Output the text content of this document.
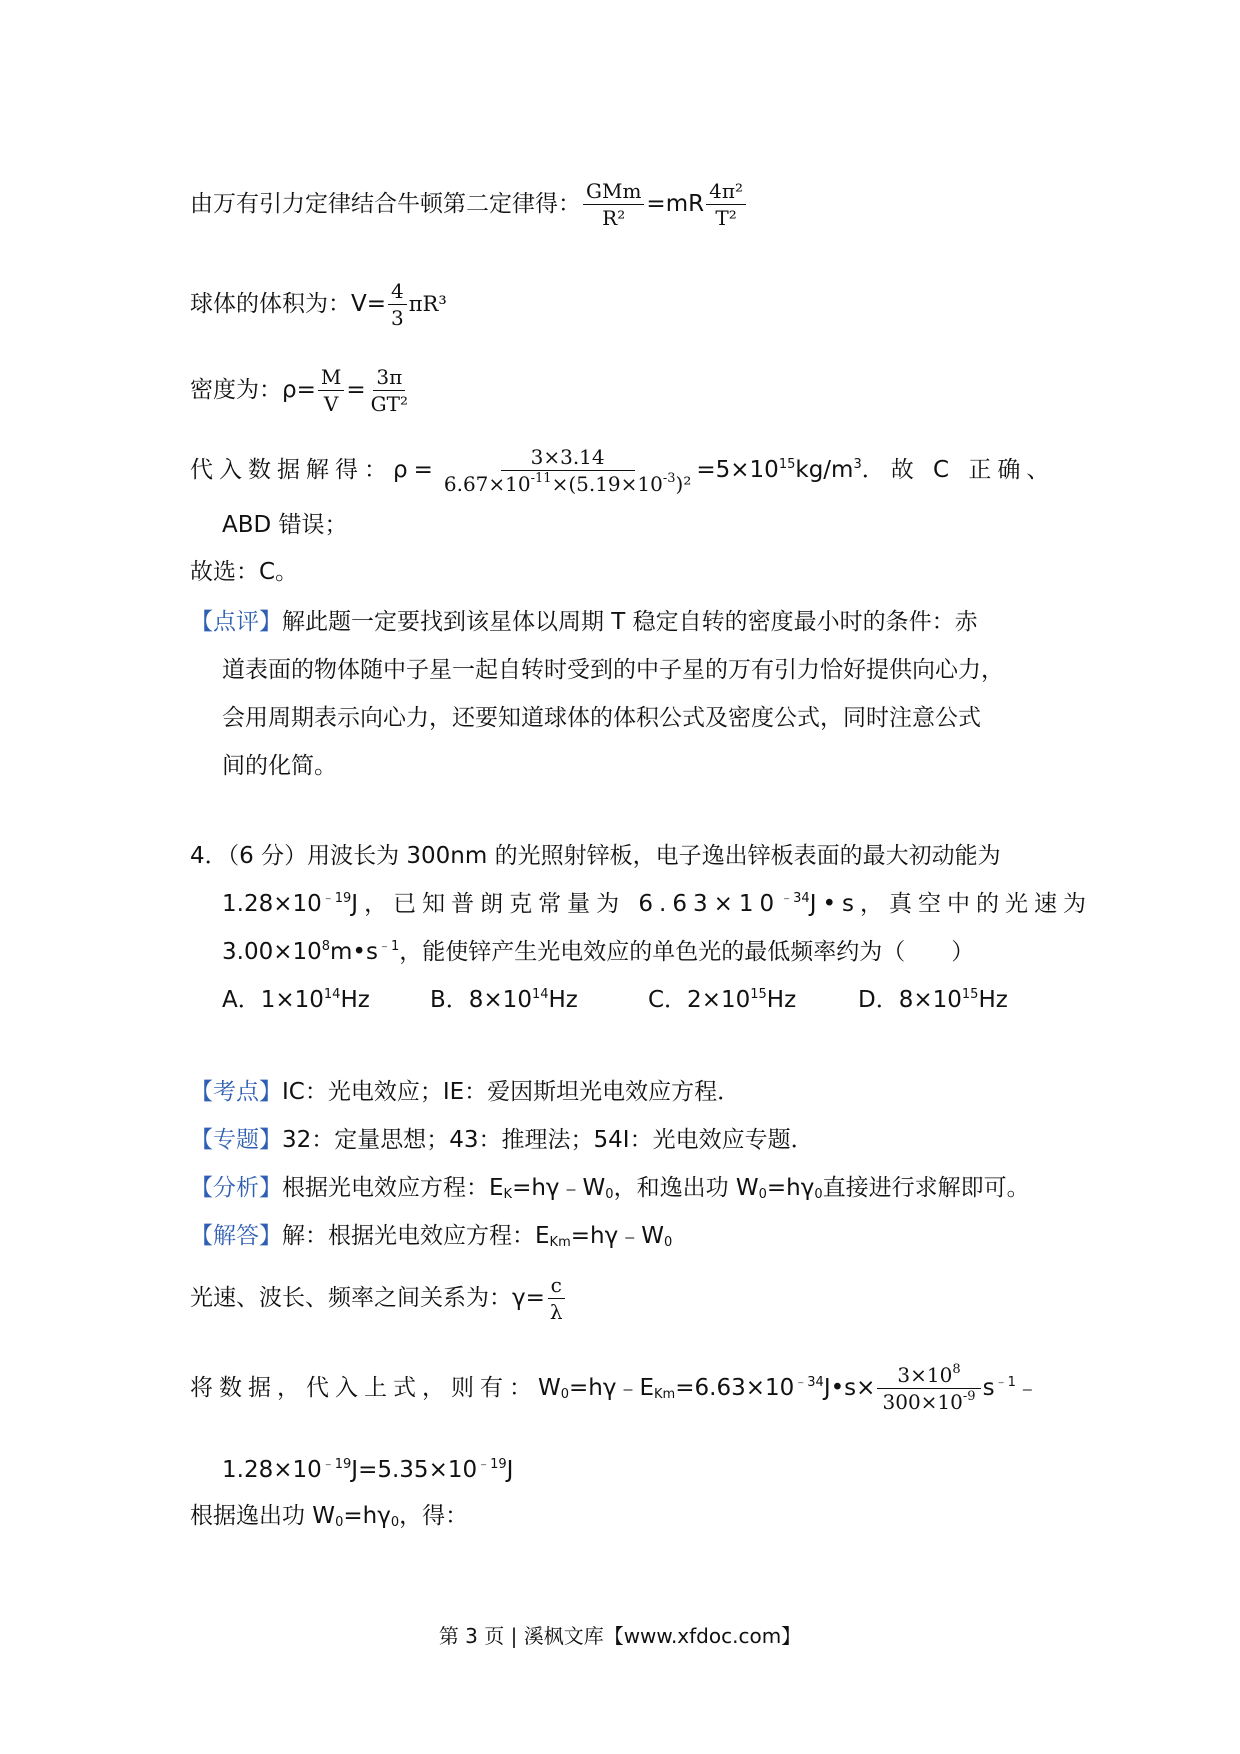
由万有引力定律结合牛顿第二定律得： $\frac{\text{GMm}}{\text{R²}} =mR \frac{\text{4π²}}{\text{T²}}$
球体的体积为：$V= \frac{4}{3} \pi R^3$
密度为：$\rho= \frac{M}{V} = \frac{3\pi}{\text{GT²}}$
代入数据解得：$\rho= \frac{3\times 3.14}{6.67\times 10^{-11}\times(5.19\times 10^{-3})^2} =5\times 10^{15}kg/m^3$．故 C 正确、
ABD 错误；
故选：C。
【点评】解此题一定要找到该星体以周期 T 稳定自转的密度最小时的条件：赤
道表面的物体随中子星一起自转时受到的中子星的万有引力恰好提供向心力，
会用周期表示向心力，还要知道球体的体积公式及密度公式，同时注意公式
间的化简。
4．（6 分）用波长为 300nm 的光照射锌板，电子逸出锌板表面的最大初动能为
$1.28\times 10^{﹣19}J$，已知普朗克常量为 $6.63\times 10^{﹣34}J•s$，真空中的光速为
$3.00\times 10^8m•s^{﹣1}$，能使锌产生光电效应的单色光的最低频率约为（　　）
A．$1\times 10^{14}Hz$	B．$8\times 10^{14}Hz$	C．$2\times 10^{15}Hz$	D．$8\times 10^{15}Hz$
【考点】IC：光电效应；IE：爱因斯坦光电效应方程．
【专题】32：定量思想；43：推理法；54I：光电效应专题．
【分析】根据光电效应方程：$E_K=h\gamma﹣W_0$，和逸出功 $W_0=h\gamma_0$直接进行求解即可。
【解答】解：根据光电效应方程：$E_{Km}=h\gamma﹣W_0$
光速、波长、频率之间关系为：$\gamma= \frac{c}{\lambda}$
将数据，代入上式，则有：$W_0=h\gamma﹣E_{Km}=6.63\times 10^{﹣34}J•s\times \frac{3\times 10^8}{300\times 10^{-9}}$ $s^{﹣1}﹣$
$1.28\times 10^{﹣19}J=5.35\times 10^{﹣19}J$
根据逸出功 $W_0=h\gamma_0$，得：
第 3 页 | 溪枫文库【www.xfdoc.com】
